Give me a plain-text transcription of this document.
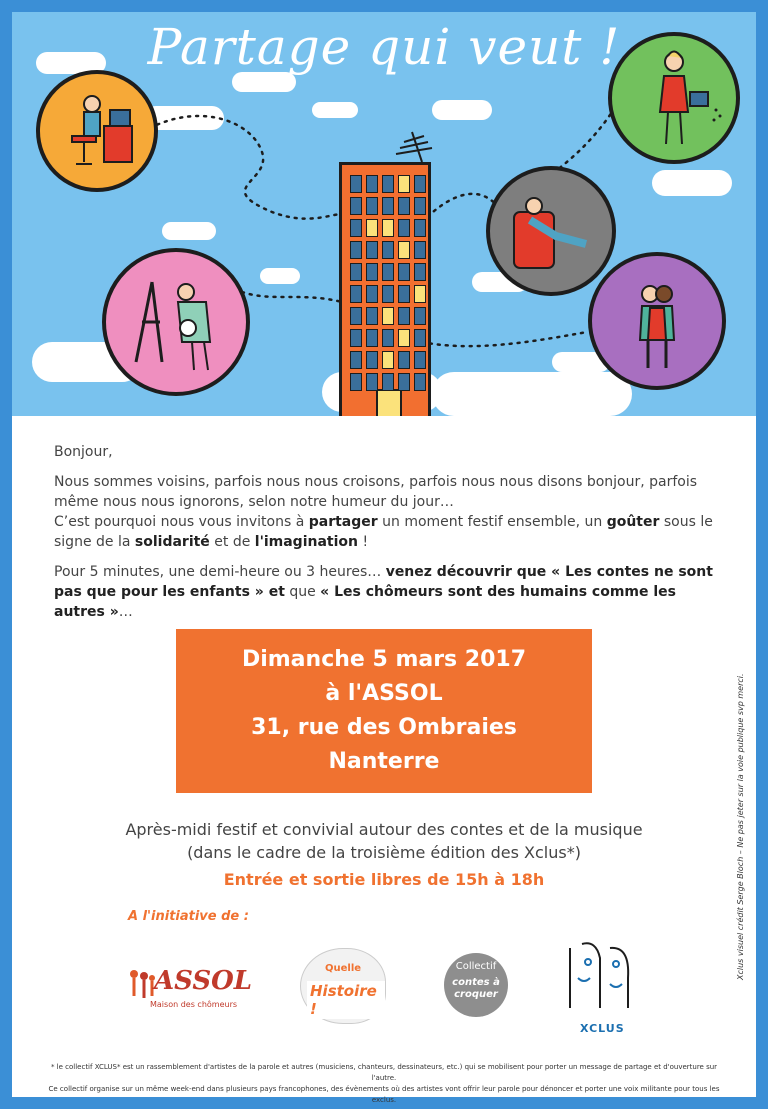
Partage qui veut !

Bonjour,

Nous sommes voisins, parfois nous nous croisons, parfois nous nous disons bonjour, parfois même nous nous ignorons, selon notre humeur du jour…
C’est pourquoi nous vous invitons à partager un moment festif ensemble, un goûter sous le signe de la solidarité et de l'imagination !

Pour 5 minutes, une demi-heure ou 3 heures… venez découvrir que « Les contes ne sont pas que pour les enfants » et que « Les chômeurs sont des humains comme les autres »…

Dimanche 5 mars 2017
à l'ASSOL
31, rue des Ombraies
Nanterre
Après-midi festif et convivial autour des contes et de la musique
(dans le cadre de la troisième édition des Xclus*)
Entrée et sortie libres de 15h à 18h
A l'initiative de :
ASSOL
Maison des chômeurs
Quelle
Histoire !
Collectif
contes à croquer
XCLUS
Xclus visuel crédit Serge Bloch – Ne pas jeter sur la voie publique svp merci.
* le collectif XCLUS* est un rassemblement d'artistes de la parole et autres (musiciens, chanteurs, dessinateurs, etc.) qui se mobilisent pour porter un message de partage et d'ouverture sur l'autre.
Ce collectif organise sur un même week-end dans plusieurs pays francophones, des évènements où des artistes vont offrir leur parole pour dénoncer et porter une voix militante pour tous les exclus.
